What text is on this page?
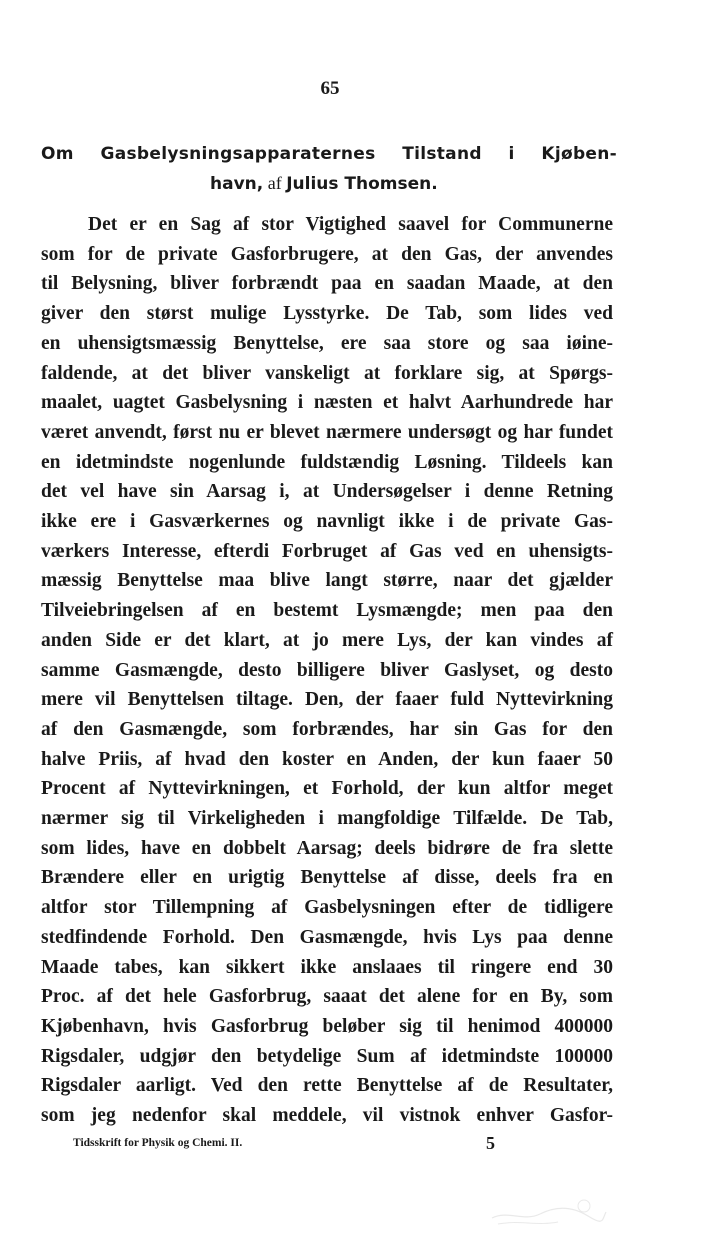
65
Om Gasbelysningsapparaternes Tilstand i Kjøben-
havn, af Julius Thomsen.
Det er en Sag af stor Vigtighed saavel for Communerne
som for de private Gasforbrugere, at den Gas, der anvendes
til Belysning, bliver forbrændt paa en saadan Maade, at den
giver den størst mulige Lysstyrke. De Tab, som lides ved
en uhensigtsmæssig Benyttelse, ere saa store og saa iøine-
faldende, at det bliver vanskeligt at forklare sig, at Spørgs-
maalet, uagtet Gasbelysning i næsten et halvt Aarhundrede har
været anvendt, først nu er blevet nærmere undersøgt og har fundet
en idetmindste nogenlunde fuldstændig Løsning. Tildeels kan
det vel have sin Aarsag i, at Undersøgelser i denne Retning
ikke ere i Gasværkernes og navnligt ikke i de private Gas-
værkers Interesse, efterdi Forbruget af Gas ved en uhensigts-
mæssig Benyttelse maa blive langt større, naar det gjælder
Tilveiebringelsen af en bestemt Lysmængde; men paa den
anden Side er det klart, at jo mere Lys, der kan vindes af
samme Gasmængde, desto billigere bliver Gaslyset, og desto
mere vil Benyttelsen tiltage. Den, der faaer fuld Nyttevirkning
af den Gasmængde, som forbrændes, har sin Gas for den
halve Priis, af hvad den koster en Anden, der kun faaer 50
Procent af Nyttevirkningen, et Forhold, der kun altfor meget
nærmer sig til Virkeligheden i mangfoldige Tilfælde. De Tab,
som lides, have en dobbelt Aarsag; deels bidrøre de fra slette
Brændere eller en urigtig Benyttelse af disse, deels fra en
altfor stor Tillempning af Gasbelysningen efter de tidligere
stedfindende Forhold. Den Gasmængde, hvis Lys paa denne
Maade tabes, kan sikkert ikke anslaaes til ringere end 30
Proc. af det hele Gasforbrug, saaat det alene for en By, som
Kjøbenhavn, hvis Gasforbrug beløber sig til henimod 400000
Rigsdaler, udgjør den betydelige Sum af idetmindste 100000
Rigsdaler aarligt. Ved den rette Benyttelse af de Resultater,
som jeg nedenfor skal meddele, vil vistnok enhver Gasfor-
Tidsskrift for Physik og Chemi. II.	5
